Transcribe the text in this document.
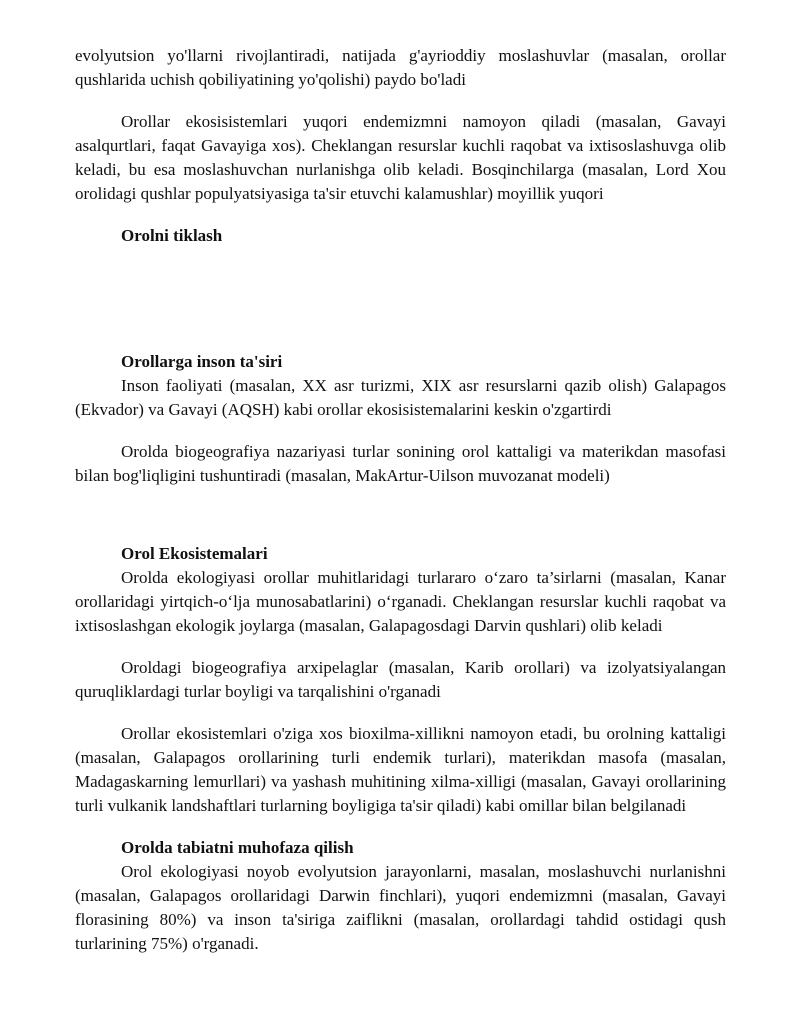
evolyutsion yo'llarni rivojlantiradi, natijada g'ayrioddiy moslashuvlar (masalan, orollar qushlarida uchish qobiliyatining yo'qolishi) paydo bo'ladi

Orollar ekosisistemlari yuqori endemizmni namoyon qiladi (masalan, Gavayi asalqurtlari, faqat Gavayiga xos). Cheklangan resurslar kuchli raqobat va ixtisoslashuvga olib keladi, bu esa moslashuvchan nurlanishga olib keladi. Bosqinchilarga (masalan, Lord Xou orolidagi qushlar populyatsiyasiga ta'sir etuvchi kalamushlar) moyillik yuqori

Orolni tiklash

Orollarga inson ta'siri

Inson faoliyati (masalan, XX asr turizmi, XIX asr resurslarni qazib olish) Galapagos (Ekvador) va Gavayi (AQSH) kabi orollar ekosisistemalarini keskin o'zgartirdi

Orolda biogeografiya nazariyasi turlar sonining orol kattaligi va materikdan masofasi bilan bog'liqligini tushuntiradi (masalan, MakArtur-Uilson muvozanat modeli)

Orol Ekosistemalari

Orolda ekologiyasi orollar muhitlaridagi turlararo o‘zaro ta’sirlarni (masalan, Kanar orollaridagi yirtqich-o‘lja munosabatlarini) o‘rganadi. Cheklangan resurslar kuchli raqobat va ixtisoslashgan ekologik joylarga (masalan, Galapagosdagi Darvin qushlari) olib keladi

Oroldagi biogeografiya arxipelaglar (masalan, Karib orollari) va izolyatsiyalangan quruqliklardagi turlar boyligi va tarqalishini o'rganadi

Orollar ekosistemlari o'ziga xos bioxilma-xillikni namoyon etadi, bu orolning kattaligi (masalan, Galapagos orollarining turli endemik turlari), materikdan masofa (masalan, Madagaskarning lemurllari) va yashash muhitining xilma-xilligi (masalan, Gavayi orollarining turli vulkanik landshaftlari turlarning boyligiga ta'sir qiladi) kabi omillar bilan belgilanadi

Orolda tabiatni muhofaza qilish

Orol ekologiyasi noyob evolyutsion jarayonlarni, masalan, moslashuvchi nurlanishni (masalan, Galapagos orollaridagi Darwin finchlari), yuqori endemizmni (masalan, Gavayi florasining 80%) va inson ta'siriga zaiflikni (masalan, orollardagi tahdid ostidagi qush turlarining 75%) o'rganadi.
